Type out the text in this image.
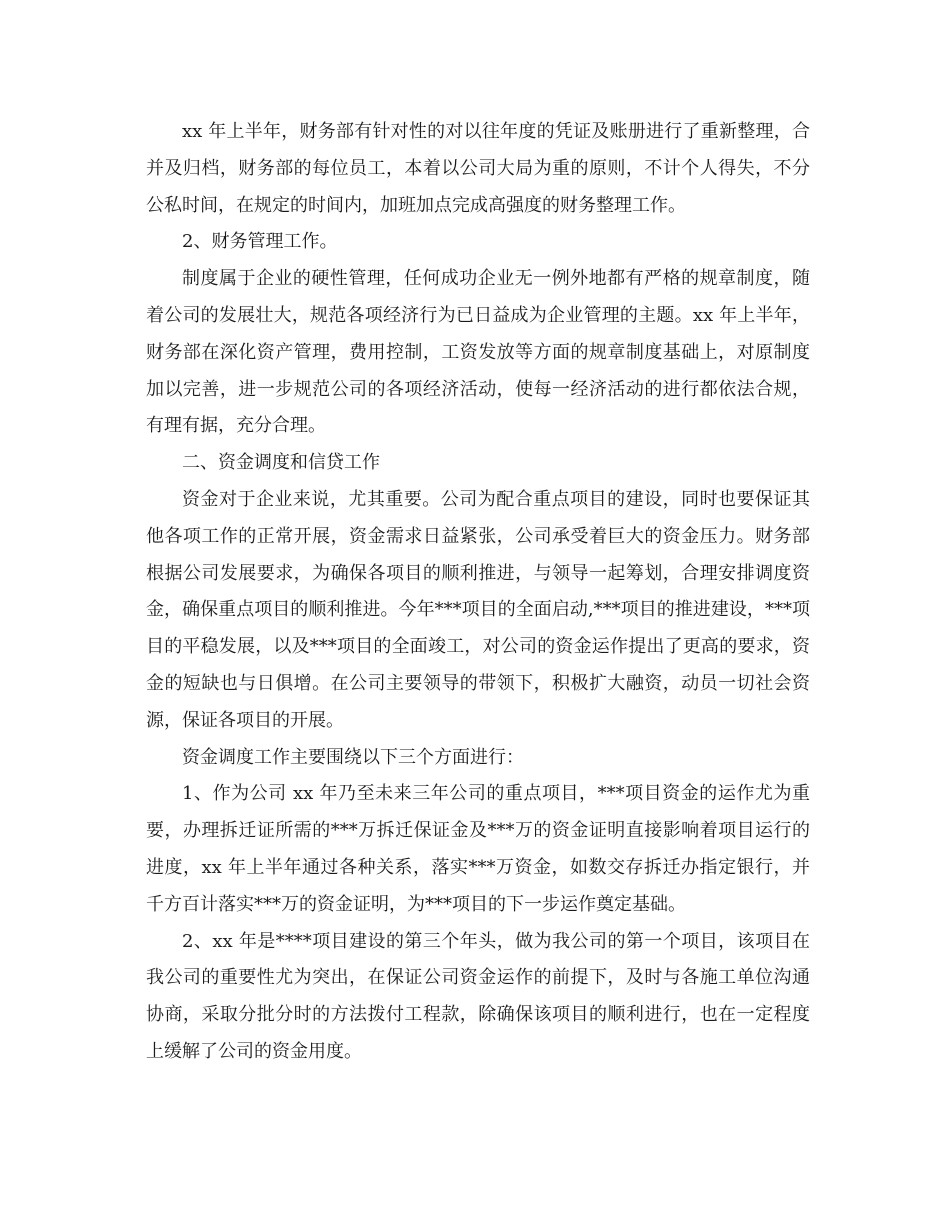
xx 年上半年，财务部有针对性的对以往年度的凭证及账册进行了重新整理，合并及归档，财务部的每位员工，本着以公司大局为重的原则，不计个人得失，不分公私时间，在规定的时间内，加班加点完成高强度的财务整理工作。

2、财务管理工作。

制度属于企业的硬性管理，任何成功企业无一例外地都有严格的规章制度，随着公司的发展壮大，规范各项经济行为已日益成为企业管理的主题。xx 年上半年，财务部在深化资产管理，费用控制，工资发放等方面的规章制度基础上，对原制度加以完善，进一步规范公司的各项经济活动，使每一经济活动的进行都依法合规，有理有据，充分合理。

二、资金调度和信贷工作

资金对于企业来说，尤其重要。公司为配合重点项目的建设，同时也要保证其他各项工作的正常开展，资金需求日益紧张，公司承受着巨大的资金压力。财务部根据公司发展要求，为确保各项目的顺利推进，与领导一起筹划，合理安排调度资金，确保重点项目的顺利推进。今年***项目的全面启动,***项目的推进建设，***项目的平稳发展，以及***项目的全面竣工，对公司的资金运作提出了更高的要求，资金的短缺也与日俱增。在公司主要领导的带领下，积极扩大融资，动员一切社会资源，保证各项目的开展。

资金调度工作主要围绕以下三个方面进行：

1、作为公司 xx 年乃至未来三年公司的重点项目，***项目资金的运作尤为重要，办理拆迁证所需的***万拆迁保证金及***万的资金证明直接影响着项目运行的进度，xx 年上半年通过各种关系，落实***万资金，如数交存拆迁办指定银行，并千方百计落实***万的资金证明，为***项目的下一步运作奠定基础。

2、xx 年是****项目建设的第三个年头，做为我公司的第一个项目，该项目在我公司的重要性尤为突出，在保证公司资金运作的前提下，及时与各施工单位沟通协商，采取分批分时的方法拨付工程款，除确保该项目的顺利进行，也在一定程度上缓解了公司的资金用度。
